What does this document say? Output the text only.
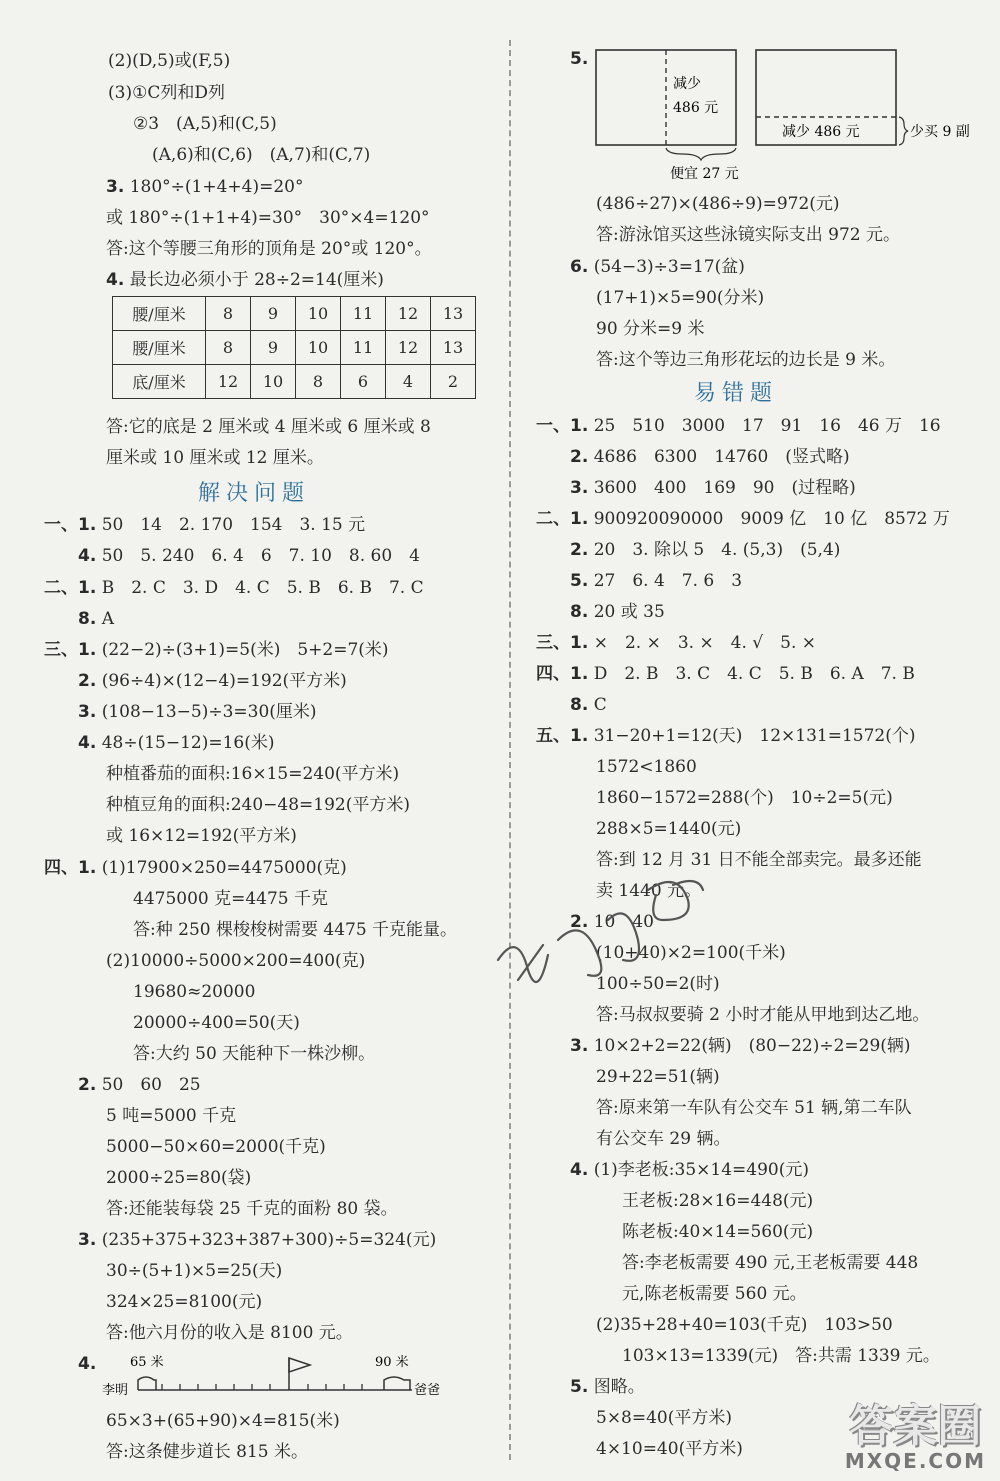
(2)(D,5)或(F,5)
(3)①C列和D列
②3　(A,5)和(C,5)
(A,6)和(C,6)　(A,7)和(C,7)
3. 180°÷(1+4+4)=20°
或 180°÷(1+1+4)=30°　30°×4=120°
答:这个等腰三角形的顶角是 20°或 120°。
4. 最长边必须小于 28÷2=14(厘米)
答:它的底是 2 厘米或 4 厘米或 6 厘米或 8
厘米或 10 厘米或 12 厘米。
一、1. 50　14　2. 170　154　3. 15 元
4. 50　5. 240　6. 4　6　7. 10　8. 60　4
二、1. B　2. C　3. D　4. C　5. B　6. B　7. C
8. A
三、1. (22−2)÷(3+1)=5(米)　5+2=7(米)
2. (96÷4)×(12−4)=192(平方米)
3. (108−13−5)÷3=30(厘米)
4. 48÷(15−12)=16(米)
种植番茄的面积:16×15=240(平方米)
种植豆角的面积:240−48=192(平方米)
或 16×12=192(平方米)
四、1. (1)17900×250=4475000(克)
4475000 克=4475 千克
答:种 250 棵梭梭树需要 4475 千克能量。
(2)10000÷5000×200=400(克)
19680≈20000
20000÷400=50(天)
答:大约 50 天能种下一株沙柳。
2. 50　60　25
5 吨=5000 千克
5000−50×60=2000(千克)
2000÷25=80(袋)
答:还能装每袋 25 千克的面粉 80 袋。
3. (235+375+323+387+300)÷5=324(元)
30÷(5+1)×5=25(天)
324×25=8100(元)
答:他六月份的收入是 8100 元。
4.
65×3+(65+90)×4=815(米)
答:这条健步道长 815 米。
腰/厘米	8	9	10	11	12	13
腰/厘米	8	9	10	11	12	13
底/厘米	12	10	8	6	4	2
解决问题
65 米	90 米
李明	爸爸
5.
减少
486 元
便宜 27 元
减少 486 元	少买 9 副
(486÷27)×(486÷9)=972(元)
答:游泳馆买这些泳镜实际支出 972 元。
6. (54−3)÷3=17(盆)
(17+1)×5=90(分米)
90 分米=9 米
答:这个等边三角形花坛的边长是 9 米。
一、1. 25　510　3000　17　91　16　46 万　16
2. 4686　6300　14760　(竖式略)
3. 3600　400　169　90　(过程略)
二、1. 900920090000　9009 亿　10 亿　8572 万
2. 20　3. 除以 5　4. (5,3)　(5,4)
5. 27　6. 4　7. 6　3
8. 20 或 35
三、1. ×　2. ×　3. ×　4. √　5. ×
四、1. D　2. B　3. C　4. C　5. B　6. A　7. B
8. C
五、1. 31−20+1=12(天)　12×131=1572(个)
1572<1860
1860−1572=288(个)　10÷2=5(元)
288×5=1440(元)
答:到 12 月 31 日不能全部卖完。最多还能
卖 1440 元。
2. 10　40
(10+40)×2=100(千米)
100÷50=2(时)
答:马叔叔要骑 2 小时才能从甲地到达乙地。
3. 10×2+2=22(辆)　(80−22)÷2=29(辆)
29+22=51(辆)
答:原来第一车队有公交车 51 辆,第二车队
有公交车 29 辆。
4. (1)李老板:35×14=490(元)
王老板:28×16=448(元)
陈老板:40×14=560(元)
答:李老板需要 490 元,王老板需要 448
元,陈老板需要 560 元。
(2)35+28+40=103(千克)　103>50
103×13=1339(元)　答:共需 1339 元。
5. 图略。
5×8=40(平方米)
4×10=40(平方米)
易错题
答案圈
MXQE.COM
